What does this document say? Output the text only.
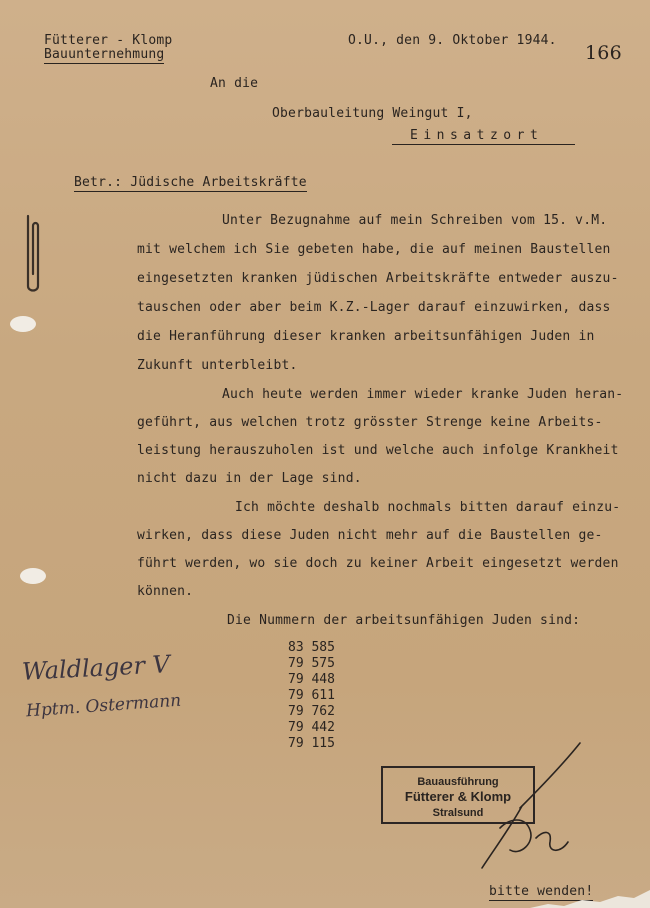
Fütterer - Klomp
Bauunternehmung
O.U., den 9. Oktober 1944.
166
An die
Oberbauleitung Weingut I,
Einsatzort
Betr.: Jüdische Arbeitskräfte
Unter Bezugnahme auf mein Schreiben vom 15. v.M.
mit welchem ich Sie gebeten habe, die auf meinen Baustellen
eingesetzten kranken jüdischen Arbeitskräfte entweder auszu-
tauschen oder aber beim K.Z.-Lager darauf einzuwirken, dass
die Heranführung dieser kranken arbeitsunfähigen Juden in
Zukunft unterbleibt.
Auch heute werden immer wieder kranke Juden heran-
geführt, aus welchen trotz grösster Strenge keine Arbeits-
leistung herauszuholen ist und welche auch infolge Krankheit
nicht dazu in der Lage sind.
Ich möchte deshalb nochmals bitten darauf einzu-
wirken, dass diese Juden nicht mehr auf die Baustellen ge-
führt werden, wo sie doch zu keiner Arbeit eingesetzt werden
können.
Die Nummern der arbeitsunfähigen Juden sind:
83 585
79 575
79 448
79 611
79 762
79 442
79 115
Waldlager V
Hptm. Ostermann
Bauausführung
Fütterer & Klomp
Stralsund
bitte wenden!
